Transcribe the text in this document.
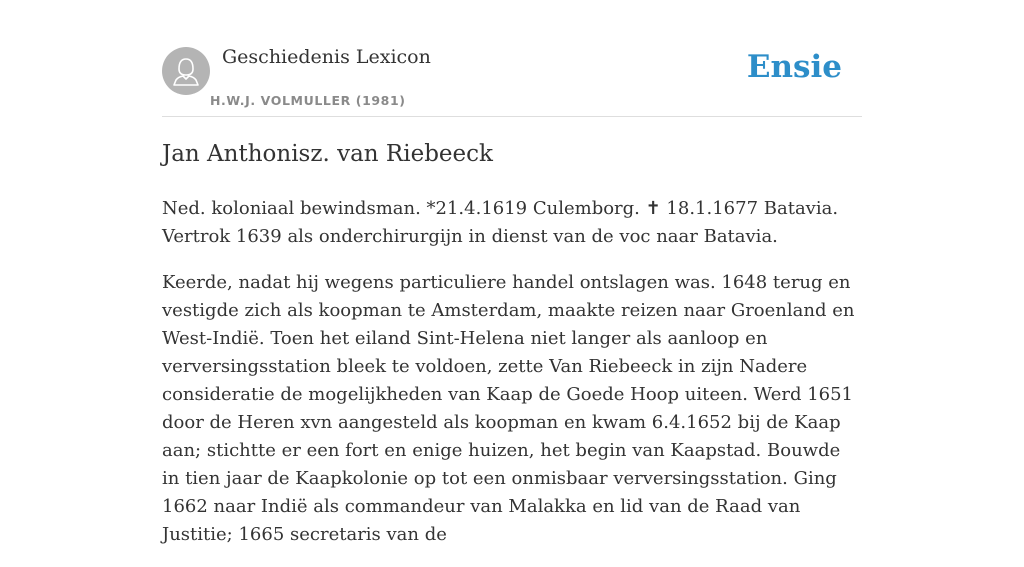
Geschiedenis Lexicon
H.W.J. VOLMULLER (1981)
Ensie
Jan Anthonisz. van Riebeeck

Ned. koloniaal bewindsman. *21.4.1619 Culemborg. ✝ 18.1.1677 Batavia. Vertrok 1639 als onderchirurgijn in dienst van de voc naar Batavia.

Keerde, nadat hij wegens particuliere handel ontslagen was. 1648 terug en vestigde zich als koopman te Amsterdam, maakte reizen naar Groenland en West-Indië. Toen het eiland Sint-Helena niet langer als aanloop en verversingsstation bleek te voldoen, zette Van Riebeeck in zijn Nadere consideratie de mogelijkheden van Kaap de Goede Hoop uiteen. Werd 1651 door de Heren xvn aangesteld als koopman en kwam 6.4.1652 bij de Kaap aan; stichtte er een fort en enige huizen, het begin van Kaapstad. Bouwde in tien jaar de Kaapkolonie op tot een onmisbaar verversingsstation. Ging 1662 naar Indië als commandeur van Malakka en lid van de Raad van Justitie; 1665 secretaris van de
